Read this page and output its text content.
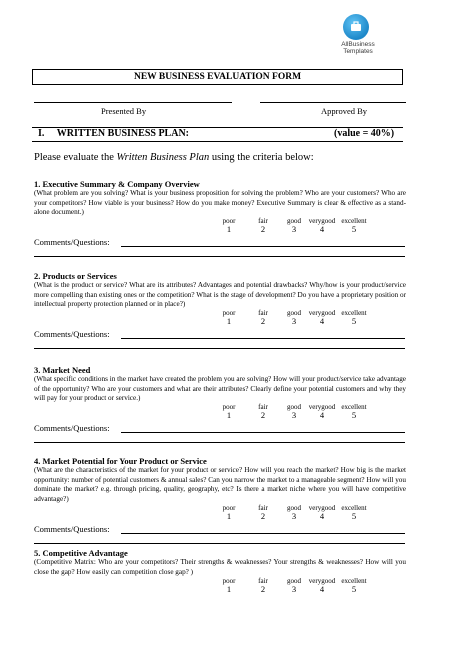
AllBusiness
Templates
NEW BUSINESS EVALUATION FORM
Presented By	Approved By
I. WRITTEN BUSINESS PLAN:	(value = 40%)
Please evaluate the Written Business Plan using the criteria below:
1. Executive Summary & Company Overview
(What problem are you solving? What is your business proposition for solving the problem? Who are your customers? Who are your competitors? How viable is your business? How do you make money? Executive Summary is clear & effective as a stand-alone document.)
poor
1
fair
2
good
3
verygood
4
excellent
5
Comments/Questions:
2. Products or Services
(What is the product or service? What are its attributes? Advantages and potential drawbacks? Why/how is your product/service more compelling than existing ones or the competition? What is the stage of development? Do you have a proprietary position or intellectual property protection planned or in place?)
poor
1
fair
2
good
3
verygood
4
excellent
5
Comments/Questions:
3. Market Need
(What specific conditions in the market have created the problem you are solving? How will your product/service take advantage of the opportunity? Who are your customers and what are their attributes? Clearly define your potential customers and why they will pay for your product or service.)
poor
1
fair
2
good
3
verygood
4
excellent
5
Comments/Questions:
4. Market Potential for Your Product or Service
(What are the characteristics of the market for your product or service? How will you reach the market? How big is the market opportunity: number of potential customers & annual sales? Can you narrow the market to a manageable segment? How will you dominate the market? e.g. through pricing, quality, geography, etc? Is there a market niche where you will have competitive advantage?)
poor
1
fair
2
good
3
verygood
4
excellent
5
Comments/Questions:
5. Competitive Advantage
(Competitive Matrix: Who are your competitors? Their strengths & weaknesses? Your strengths & weaknesses? How will you close the gap? How easily can competition close gap? )
poor
1
fair
2
good
3
verygood
4
excellent
5
